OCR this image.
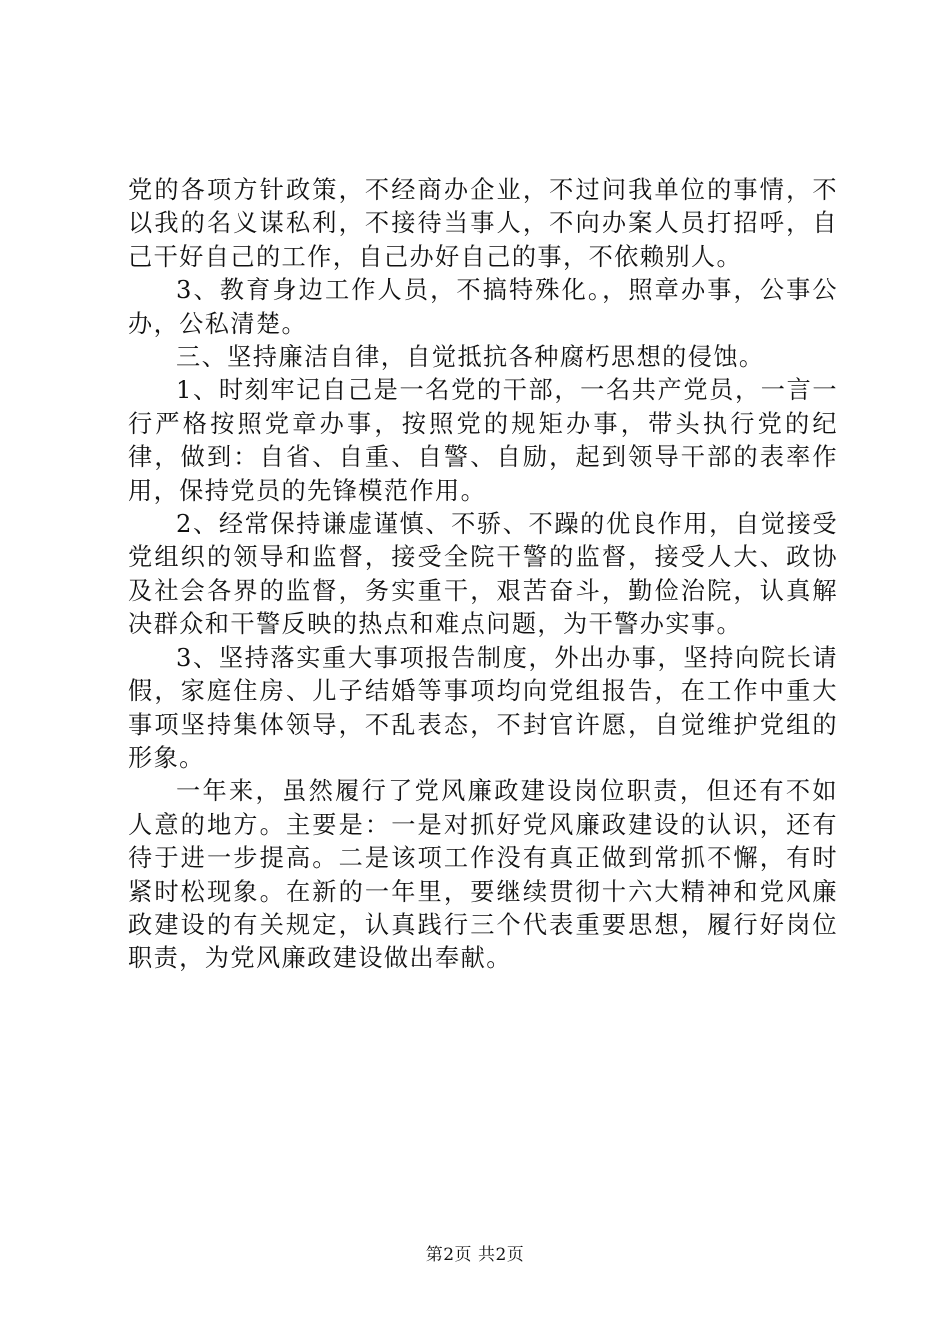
党的各项方针政策，不经商办企业，不过问我单位的事情，不以我的名义谋私利，不接待当事人，不向办案人员打招呼，自己干好自己的工作，自己办好自己的事，不依赖别人。

3、教育身边工作人员，不搞特殊化。，照章办事，公事公办，公私清楚。

三、坚持廉洁自律，自觉抵抗各种腐朽思想的侵蚀。

1、时刻牢记自己是一名党的干部，一名共产党员，一言一行严格按照党章办事，按照党的规矩办事，带头执行党的纪律，做到：自省、自重、自警、自励，起到领导干部的表率作用，保持党员的先锋模范作用。

2、经常保持谦虚谨慎、不骄、不躁的优良作用，自觉接受党组织的领导和监督，接受全院干警的监督，接受人大、政协及社会各界的监督，务实重干，艰苦奋斗，勤俭治院，认真解决群众和干警反映的热点和难点问题，为干警办实事。

3、坚持落实重大事项报告制度，外出办事，坚持向院长请假，家庭住房、儿子结婚等事项均向党组报告，在工作中重大事项坚持集体领导，不乱表态，不封官许愿，自觉维护党组的形象。

一年来，虽然履行了党风廉政建设岗位职责，但还有不如人意的地方。主要是：一是对抓好党风廉政建设的认识，还有待于进一步提高。二是该项工作没有真正做到常抓不懈，有时紧时松现象。在新的一年里，要继续贯彻十六大精神和党风廉政建设的有关规定，认真践行三个代表重要思想，履行好岗位职责，为党风廉政建设做出奉献。

第2页 共2页
